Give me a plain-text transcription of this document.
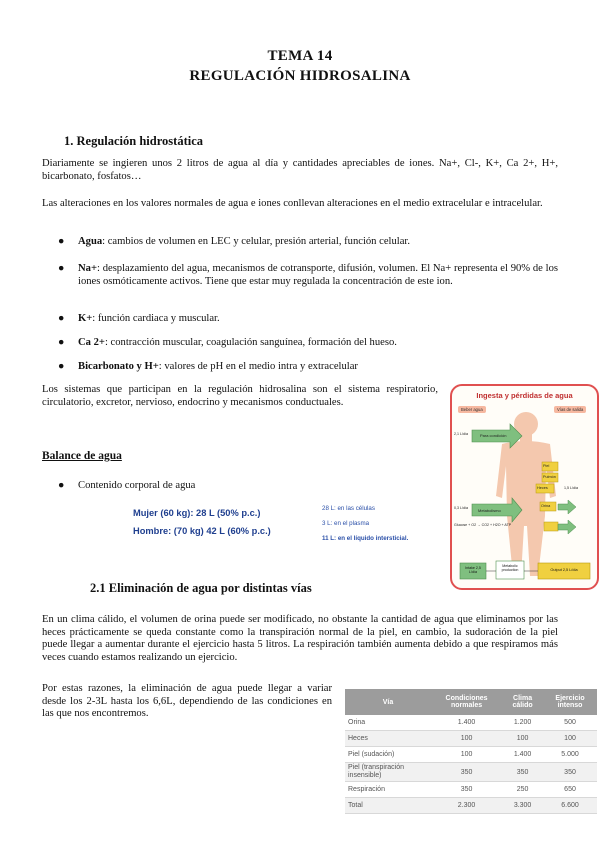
TEMA 14
REGULACIÓN HIDROSALINA
1. Regulación hidrostática
Diariamente se ingieren unos 2 litros de agua al día y cantidades apreciables de iones. Na+, Cl-, K+, Ca 2+, H+, bicarbonato, fosfatos…
Las alteraciones en los valores normales de agua e iones conllevan alteraciones en el medio extracelular e intracelular.
● Agua: cambios de volumen en LEC y celular, presión arterial, función celular.
● Na+: desplazamiento del agua, mecanismos de cotransporte, difusión, volumen. El Na+ representa el 90% de los iones osmóticamente activos. Tiene que estar muy regulada la concentración de este ion.
● K+: función cardiaca y muscular.
● Ca 2+: contracción muscular, coagulación sanguínea, formación del hueso.
● Bicarbonato y H+: valores de pH en el medio intra y extracelular
Los sistemas que participan en la regulación hidrosalina son el sistema respiratorio, circulatorio, excretor, nervioso, endocrino y mecanismos conductuales.
Balance de agua
● Contenido corporal de agua
Mujer (60 kg): 28 L (50% p.c.)
Hombre: (70 kg) 42 L (60% p.c.)
28 L: en las células
3 L: en el plasma
11 L: en el líquido intersticial.
Ingesta y pérdidas de agua
Beber agua	Vías de salida
Para condición
2,1 L/día
0,3 L/día	Metabolismo
Glucose + O2 → CO2 + H2O + ATP
Piel
Pulmón
Heces
Orina
1,5 L/día
Intake 2,5 L/día
Metabolic production	Output 2,5 L/día
2.1 Eliminación de agua por distintas vías
En un clima cálido, el volumen de orina puede ser modificado, no obstante la cantidad de agua que eliminamos por las heces prácticamente se queda constante como la transpiración normal de la piel, en cambio, la sudoración de la piel puede llegar a aumentar durante el ejercicio hasta 5 litros. La respiración también aumenta debido a que respiramos más veces cuando estamos realizando un ejercicio.
Por estas razones, la eliminación de agua puede llegar a variar desde los 2-3L hasta los 6,6L, dependiendo de las condiciones en las que nos encontremos.
Vía	Condiciones normales	Clima cálido	Ejercicio intenso
Orina	1.400	1.200	500
Heces	100	100	100
Piel (sudación)	100	1.400	5.000
Piel (transpiración insensible)	350	350	350
Respiración	350	250	650
Total	2.300	3.300	6.600
